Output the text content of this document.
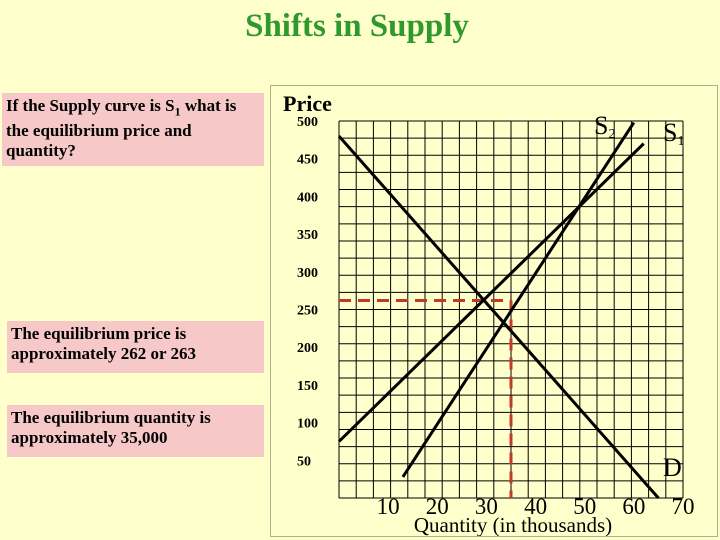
Shifts in Supply
If the Supply curve is $S_1$ what is the equilibrium price and quantity?
The equilibrium price is approximately 262 or 263
The equilibrium quantity is approximately 35,000
500
450
400
350
300
250
200
150
100
50
10 20 30 40 50 60 70
Price
Quantity (in thousands)
D
S1
S2
